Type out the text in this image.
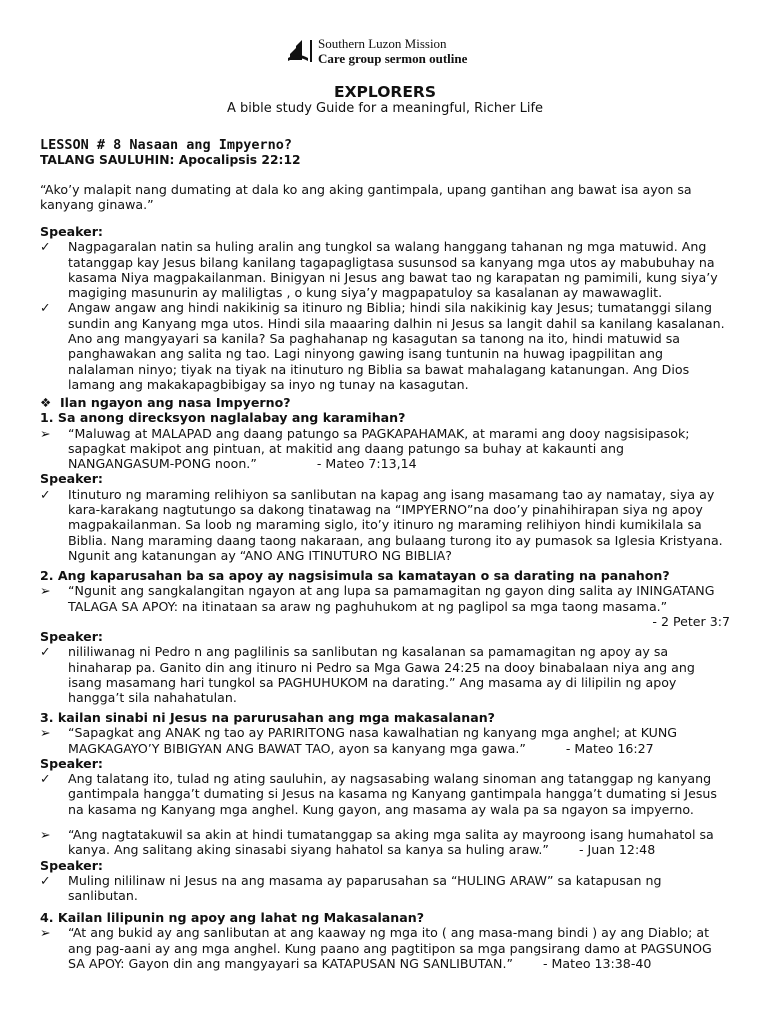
Southern Luzon Mission
Care group sermon outline
EXPLORERS
A bible study Guide for a meaningful, Richer Life
LESSON # 8 Nasaan ang Impyerno?
TALANG SAULUHIN: Apocalipsis 22:12
“Ako’y malapit nang dumating at dala ko ang aking gantimpala, upang gantihan ang bawat isa ayon sa kanyang ginawa.”
Speaker:
✓	Nagpagaralan natin sa huling aralin ang tungkol sa walang hanggang tahanan ng mga matuwid. Ang tatanggap kay Jesus bilang kanilang tagapagligtasa susunsod sa kanyang mga utos ay mabubuhay na kasama Niya magpakailanman. Binigyan ni Jesus ang bawat tao ng karapatan ng pamimili, kung siya’y magiging masunurin ay maliligtas , o kung siya’y magpapatuloy sa kasalanan ay mawawaglit.
✓	Angaw angaw ang hindi nakikinig sa itinuro ng Biblia; hindi sila nakikinig kay Jesus; tumatanggi silang sundin ang Kanyang mga utos. Hindi sila maaaring dalhin ni Jesus sa langit dahil sa kanilang kasalanan. Ano ang mangyayari sa kanila? Sa paghahanap ng kasagutan sa tanong na ito, hindi matuwid sa panghawakan ang salita ng tao. Lagi ninyong gawing isang tuntunin na huwag ipagpilitan ang nalalaman ninyo; tiyak na tiyak na itinuturo ng Biblia sa bawat mahalagang katanungan. Ang Dios lamang ang makakapagbibigay sa inyo ng tunay na kasagutan.
❖ Ilan ngayon ang nasa Impyerno?
1. Sa anong direcksyon naglalabay ang karamihan?
➢	“Maluwag at MALAPAD ang daang patungo sa PAGKAPAHAMAK, at marami ang dooy nagsisipasok; sapagkat makipot ang pintuan, at makitid ang daang patungo sa buhay at kakaunti ang NANGANGASUM-PONG noon.”	- Mateo 7:13,14
Speaker:
✓	Itinuturo ng maraming relihiyon sa sanlibutan na kapag ang isang masamang tao ay namatay, siya ay kara-karakang nagtutungo sa dakong tinatawag na “IMPYERNO”na doo’y pinahihirapan siya ng apoy magpakailanman. Sa loob ng maraming siglo, ito’y itinuro ng maraming relihiyon hindi kumikilala sa Biblia. Nang maraming daang taong nakaraan, ang bulaang turong ito ay pumasok sa Iglesia Kristyana. Ngunit ang katanungan ay “ANO ANG ITINUTURO NG BIBLIA?
2. Ang kaparusahan ba sa apoy ay nagsisimula sa kamatayan o sa darating na panahon?
➢	“Ngunit ang sangkalangitan ngayon at ang lupa sa pamamagitan ng gayon ding salita ay ININGATANG TALAGA SA APOY: na itinataan sa araw ng paghuhukom at ng paglipol sa mga taong masama.”
- 2 Peter 3:7
Speaker:
✓	nililiwanag ni Pedro n ang paglilinis sa sanlibutan ng kasalanan sa pamamagitan ng apoy ay sa hinaharap pa. Ganito din ang itinuro ni Pedro sa Mga Gawa 24:25 na dooy binabalaan niya ang ang isang masamang hari tungkol sa PAGHUHUKOM na darating.” Ang masama ay di lilipilin ng apoy hangga’t sila nahahatulan.
3. kailan sinabi ni Jesus na parurusahan ang mga makasalanan?
➢	“Sapagkat ang ANAK ng tao ay PARIRITONG nasa kawalhatian ng kanyang mga anghel; at KUNG MAGKAGAYO’Y BIBIGYAN ANG BAWAT TAO, ayon sa kanyang mga gawa.”	- Mateo 16:27
Speaker:
✓	Ang talatang ito, tulad ng ating sauluhin, ay nagsasabing walang sinoman ang tatanggap ng kanyang gantimpala hangga’t dumating si Jesus na kasama ng Kanyang gantimpala hangga’t dumating si Jesus na kasama ng Kanyang mga anghel. Kung gayon, ang masama ay wala pa sa ngayon sa impyerno.
➢	“Ang nagtatakuwil sa akin at hindi tumatanggap sa aking mga salita ay mayroong isang humahatol sa kanya. Ang salitang aking sinasabi siyang hahatol sa kanya sa huling araw.” - Juan 12:48
Speaker:
✓	Muling nililinaw ni Jesus na ang masama ay paparusahan sa “HULING ARAW” sa katapusan ng sanlibutan.
4. Kailan lilipunin ng apoy ang lahat ng Makasalanan?
➢	“At ang bukid ay ang sanlibutan at ang kaaway ng mga ito ( ang masa-mang bindi ) ay ang Diablo; at ang pag-aani ay ang mga anghel. Kung paano ang pagtitipon sa mga pangsirang damo at PAGSUNOG SA APOY: Gayon din ang mangyayari sa KATAPUSAN NG SANLIBUTAN.” - Mateo 13:38-40
